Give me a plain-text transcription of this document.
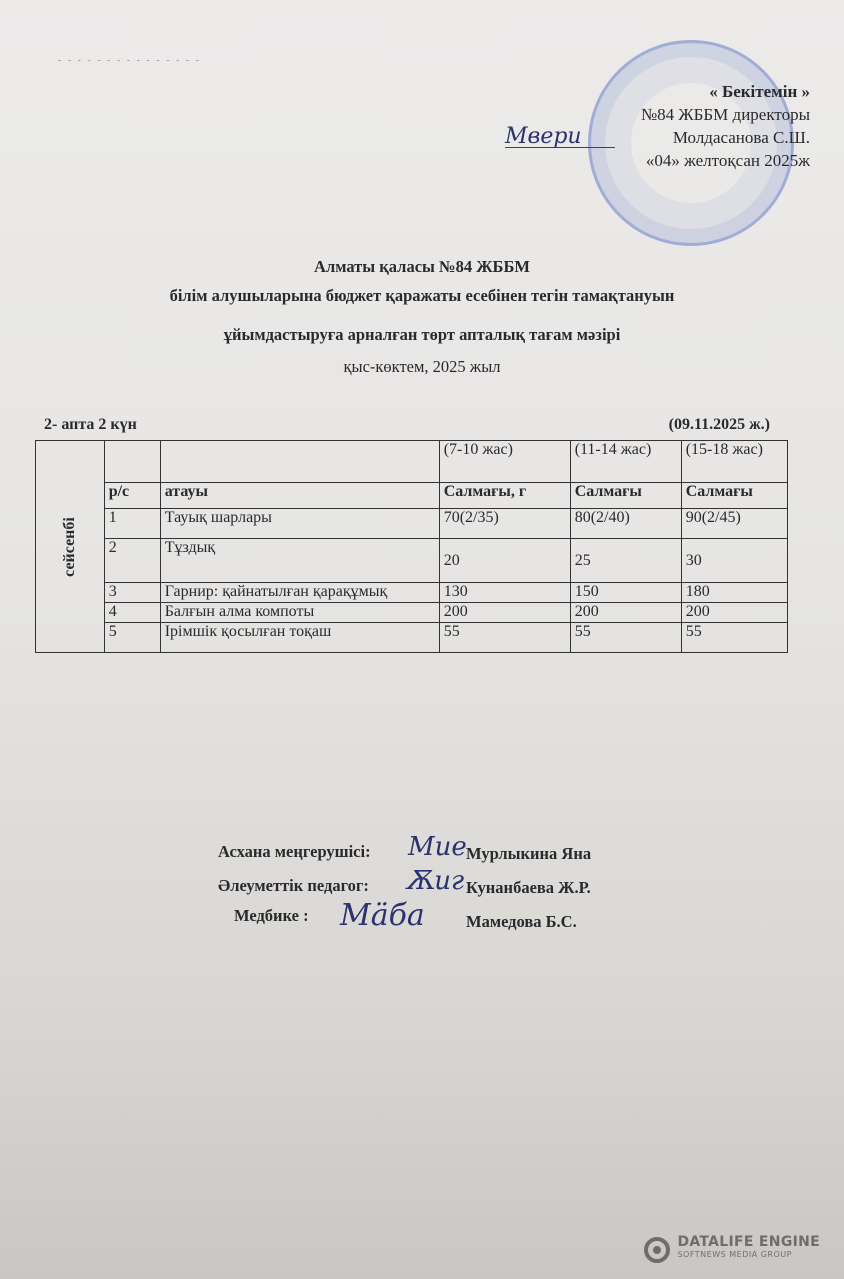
- - - - - - - - - - - - - - -
Мвери
« Бекітемін »
№84 ЖББМ директоры
Молдасанова С.Ш.
«04» желтоқсан 2025ж
Алматы қаласы №84 ЖББМ
білім алушыларына бюджет қаражаты есебінен тегін тамақтануын
ұйымдастыруға арналған төрт апталық тағам мәзірі
қыс-көктем, 2025 жыл
2- апта 2 күн	(09.11.2025 ж.)
сейсенбі			(7-10 жас)	(11-14 жас)	(15-18 жас)
	р/с	атауы	Салмағы, г	Салмағы	Салмағы
	1	Тауық шарлары	70(2/35)	80(2/40)	90(2/45)
	2	Тұздық	20	25	30
	3	Гарнир: қайнатылған қарақұмық	130	150	180
	4	Балғын алма компоты	200	200	200
	5	Ірімшік қосылған тоқаш	55	55	55
Асхана меңгерушісі:	Мурлыкина Яна
Әлеуметтік педагог:	Кунанбаева Ж.Р.
Медбике :	Мамедова Б.С.
Мие
Ѫиг
Мӓба
DATALIFE ENGINE
SOFTNEWS MEDIA GROUP
